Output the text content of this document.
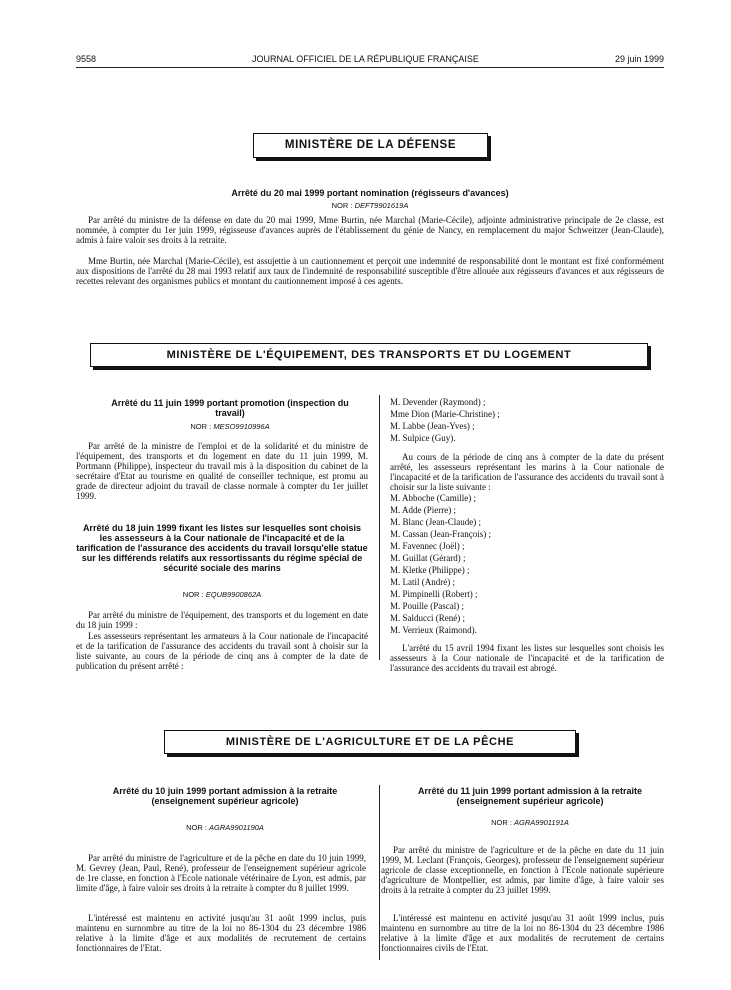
9558	JOURNAL OFFICIEL DE LA RÉPUBLIQUE FRANÇAISE	29 juin 1999
MINISTÈRE DE LA DÉFENSE
Arrêté du 20 mai 1999 portant nomination (régisseurs d'avances)
NOR : DEFT9901619A

Par arrêté du ministre de la défense en date du 20 mai 1999, Mme Burtin, née Marchal (Marie-Cécile), adjointe administrative principale de 2e classe, est nommée, à compter du 1er juin 1999, régisseuse d'avances auprès de l'établissement du génie de Nancy, en remplacement du major Schweitzer (Jean-Claude), admis à faire valoir ses droits à la retraite.

Mme Burtin, née Marchal (Marie-Cécile), est assujettie à un cautionnement et perçoit une indemnité de responsabilité dont le montant est fixé conformément aux dispositions de l'arrêté du 28 mai 1993 relatif aux taux de l'indemnité de responsabilité susceptible d'être allouée aux régisseurs d'avances et aux régisseurs de recettes relevant des organismes publics et montant du cautionnement imposé à ces agents.

MINISTÈRE DE L'ÉQUIPEMENT, DES TRANSPORTS ET DU LOGEMENT
Arrêté du 11 juin 1999 portant promotion (inspection du travail)
NOR : MESO9910996A

Par arrêté de la ministre de l'emploi et de la solidarité et du ministre de l'équipement, des transports et du logement en date du 11 juin 1999, M. Portmann (Philippe), inspecteur du travail mis à la disposition du cabinet de la secrétaire d'Etat au tourisme en qualité de conseiller technique, est promu au grade de directeur adjoint du travail de classe normale à compter du 1er juillet 1999.

Arrêté du 18 juin 1999 fixant les listes sur lesquelles sont choisis les assesseurs à la Cour nationale de l'incapacité et de la tarification de l'assurance des accidents du travail lorsqu'elle statue sur les différends relatifs aux ressortissants du régime spécial de sécurité sociale des marins
NOR : EQUB9900862A

Par arrêté du ministre de l'équipement, des transports et du logement en date du 18 juin 1999 :

Les assesseurs représentant les armateurs à la Cour nationale de l'incapacité et de la tarification de l'assurance des accidents du travail sont à choisir sur la liste suivante, au cours de la période de cinq ans à compter de la date de publication du présent arrêté :

M. Devender (Raymond) ;
Mme Dion (Marie-Christine) ;
M. Labbe (Jean-Yves) ;
M. Sulpice (Guy).

Au cours de la période de cinq ans à compter de la date du présent arrêté, les assesseurs représentant les marins à la Cour nationale de l'incapacité et de la tarification de l'assurance des accidents du travail sont à choisir sur la liste suivante :

M. Abboche (Camille) ;
M. Adde (Pierre) ;
M. Blanc (Jean-Claude) ;
M. Cassan (Jean-François) ;
M. Favennec (Joël) ;
M. Guillat (Gérard) ;
M. Kletke (Philippe) ;
M. Latil (André) ;
M. Pimpinelli (Robert) ;
M. Pouille (Pascal) ;
M. Salducci (René) ;
M. Verrieux (Raimond).

L'arrêté du 15 avril 1994 fixant les listes sur lesquelles sont choisis les assesseurs à la Cour nationale de l'incapacité et de la tarification de l'assurance des accidents du travail est abrogé.

MINISTÈRE DE L'AGRICULTURE ET DE LA PÊCHE
Arrêté du 10 juin 1999 portant admission à la retraite (enseignement supérieur agricole)
NOR : AGRA9901190A

Par arrêté du ministre de l'agriculture et de la pêche en date du 10 juin 1999, M. Gevrey (Jean, Paul, René), professeur de l'enseignement supérieur agricole de 1re classe, en fonction à l'Ecole nationale vétérinaire de Lyon, est admis, par limite d'âge, à faire valoir ses droits à la retraite à compter du 8 juillet 1999.

L'intéressé est maintenu en activité jusqu'au 31 août 1999 inclus, puis maintenu en surnombre au titre de la loi no 86-1304 du 23 décembre 1986 relative à la limite d'âge et aux modalités de recrutement de certains fonctionnaires de l'Etat.

Arrêté du 11 juin 1999 portant admission à la retraite (enseignement supérieur agricole)
NOR : AGRA9901191A

Par arrêté du ministre de l'agriculture et de la pêche en date du 11 juin 1999, M. Leclant (François, Georges), professeur de l'enseignement supérieur agricole de classe exceptionnelle, en fonction à l'Ecole nationale supérieure d'agriculture de Montpellier, est admis, par limite d'âge, à faire valoir ses droits à la retraite à compter du 23 juillet 1999.

L'intéressé est maintenu en activité jusqu'au 31 août 1999 inclus, puis maintenu en surnombre au titre de la loi no 86-1304 du 23 décembre 1986 relative à la limite d'âge et aux modalités de recrutement de certains fonctionnaires civils de l'Etat.
